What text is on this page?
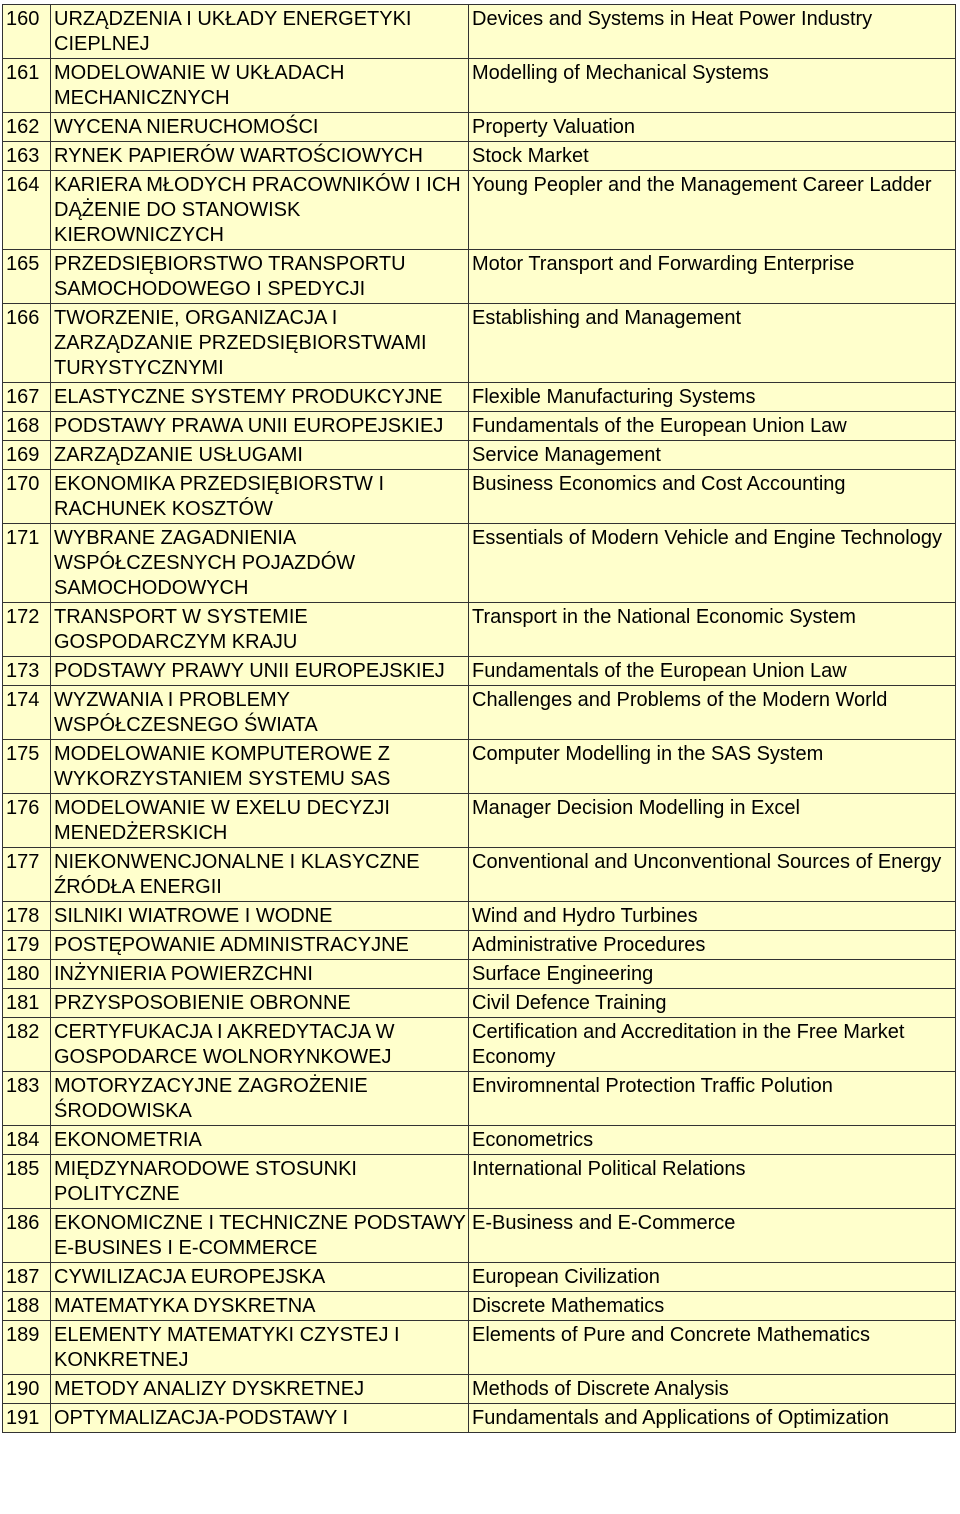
160	URZĄDZENIA I UKŁADY ENERGETYKI CIEPLNEJ	Devices and Systems in Heat Power Industry
161	MODELOWANIE W UKŁADACH MECHANICZNYCH	Modelling of Mechanical Systems
162	WYCENA NIERUCHOMOŚCI	Property Valuation
163	RYNEK PAPIERÓW WARTOŚCIOWYCH	Stock Market
164	KARIERA MŁODYCH PRACOWNIKÓW I ICH DĄŻENIE DO STANOWISK KIEROWNICZYCH	Young Peopler and the Management Career Ladder
165	PRZEDSIĘBIORSTWO TRANSPORTU SAMOCHODOWEGO I SPEDYCJI	Motor Transport and Forwarding Enterprise
166	TWORZENIE, ORGANIZACJA I ZARZĄDZANIE PRZEDSIĘBIORSTWAMI TURYSTYCZNYMI	Establishing and Management
167	ELASTYCZNE SYSTEMY PRODUKCYJNE	Flexible Manufacturing Systems
168	PODSTAWY PRAWA UNII EUROPEJSKIEJ	Fundamentals of the European Union Law
169	ZARZĄDZANIE USŁUGAMI	Service Management
170	EKONOMIKA PRZEDSIĘBIORSTW I RACHUNEK KOSZTÓW	Business Economics and Cost Accounting
171	WYBRANE ZAGADNIENIA WSPÓŁCZESNYCH POJAZDÓW SAMOCHODOWYCH	Essentials of Modern Vehicle and Engine Technology
172	TRANSPORT W SYSTEMIE GOSPODARCZYM KRAJU	Transport in the National Economic System
173	PODSTAWY PRAWY UNII EUROPEJSKIEJ	Fundamentals of the European Union Law
174	WYZWANIA I PROBLEMY WSPÓŁCZESNEGO ŚWIATA	Challenges and Problems of the Modern World
175	MODELOWANIE KOMPUTEROWE Z WYKORZYSTANIEM SYSTEMU SAS	Computer Modelling in the SAS System
176	MODELOWANIE W EXELU DECYZJI MENEDŻERSKICH	Manager Decision Modelling in Excel
177	NIEKONWENCJONALNE I KLASYCZNE ŹRÓDŁA ENERGII	Conventional and Unconventional Sources of Energy
178	SILNIKI WIATROWE I WODNE	Wind and Hydro Turbines
179	POSTĘPOWANIE ADMINISTRACYJNE	Administrative Procedures
180	INŻYNIERIA POWIERZCHNI	Surface Engineering
181	PRZYSPOSOBIENIE OBRONNE	Civil Defence Training
182	CERTYFUKACJA I AKREDYTACJA W GOSPODARCE WOLNORYNKOWEJ	Certification and Accreditation in the Free Market Economy
183	MOTORYZACYJNE ZAGROŻENIE ŚRODOWISKA	Enviromnental Protection Traffic Polution
184	EKONOMETRIA	Econometrics
185	MIĘDZYNARODOWE STOSUNKI POLITYCZNE	International Political Relations
186	EKONOMICZNE I TECHNICZNE PODSTAWY E-BUSINES I E-COMMERCE	E-Business and E-Commerce
187	CYWILIZACJA EUROPEJSKA	European Civilization
188	MATEMATYKA DYSKRETNA	Discrete Mathematics
189	ELEMENTY MATEMATYKI CZYSTEJ I KONKRETNEJ	Elements of Pure and Concrete Mathematics
190	METODY ANALIZY DYSKRETNEJ	Methods of Discrete Analysis
191	OPTYMALIZACJA-PODSTAWY I	Fundamentals and Applications of Optimization
